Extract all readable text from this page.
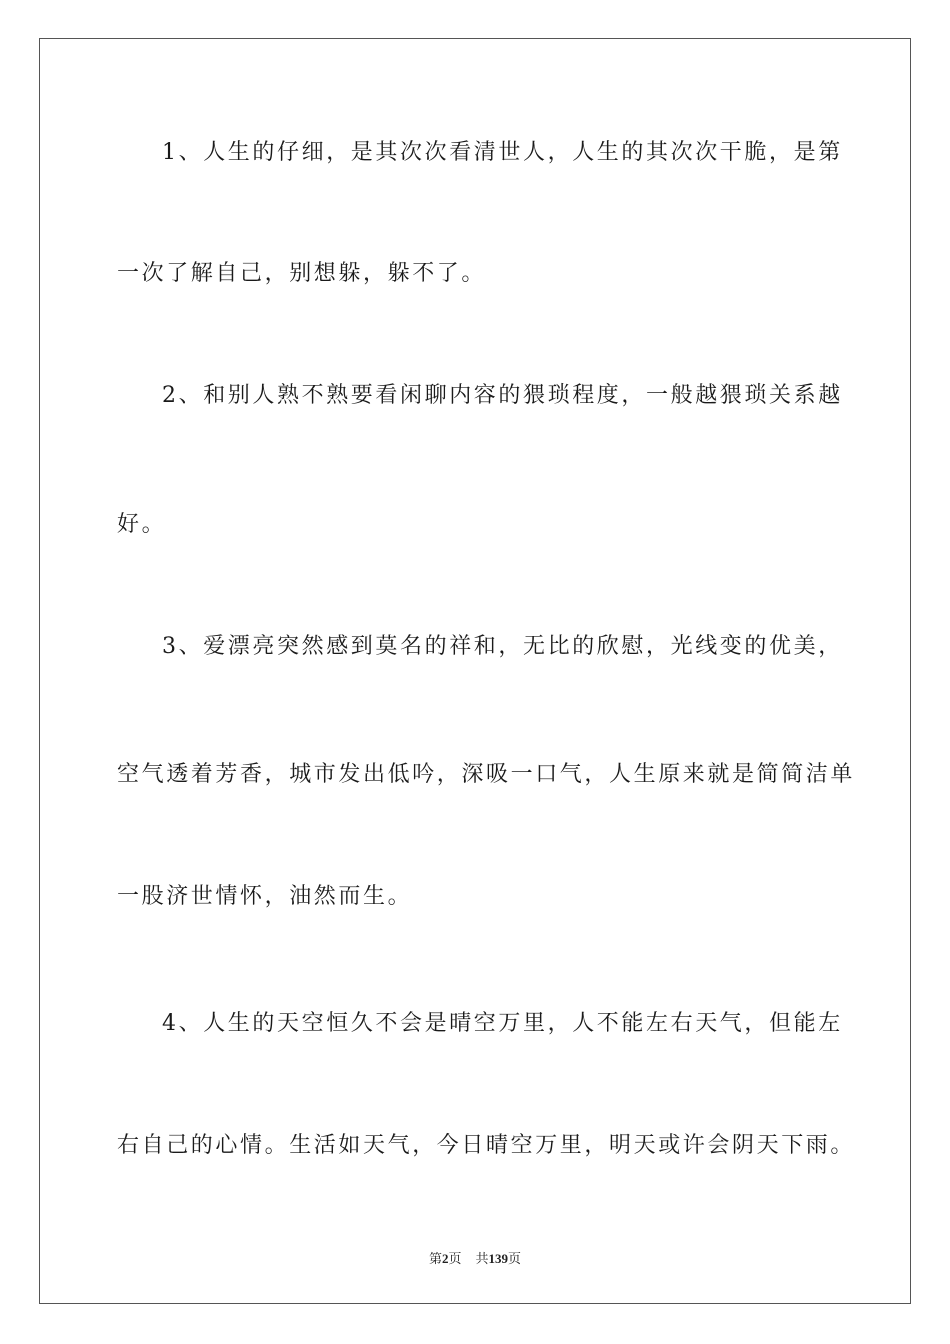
1、人生的仔细，是其次次看清世人，人生的其次次干脆，是第
一次了解自己，别想躲，躲不了。
2、和别人熟不熟要看闲聊内容的猥琐程度，一般越猥琐关系越
好。
3、爱漂亮突然感到莫名的祥和，无比的欣慰，光线变的优美，
空气透着芳香，城市发出低吟，深吸一口气，人生原来就是简简洁单
一股济世情怀，油然而生。
4、人生的天空恒久不会是晴空万里，人不能左右天气，但能左
右自己的心情。生活如天气，今日晴空万里，明天或许会阴天下雨。
第2页 共139页
